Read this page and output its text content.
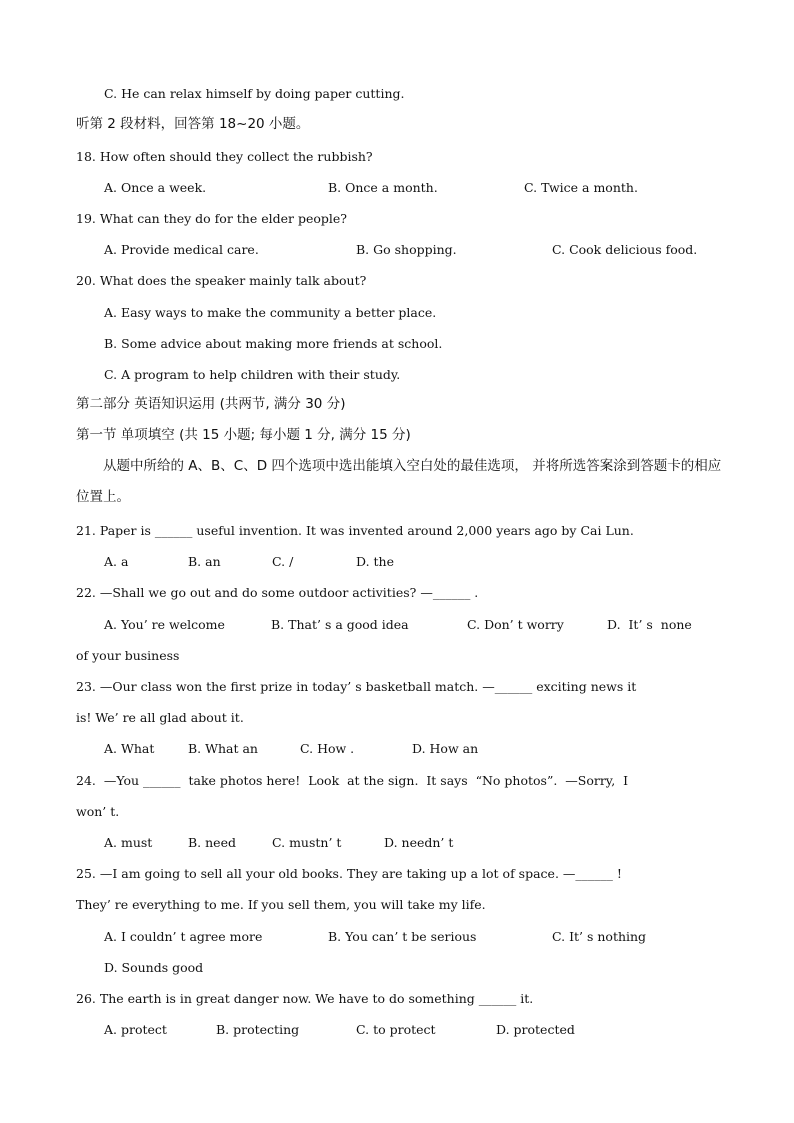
C. He can relax himself by doing paper cutting.
听第 2 段材料，回答第 18~20 小题。
18. How often should they collect the rubbish?
A. Once a week.	B. Once a month.	C. Twice a month.
19. What can they do for the elder people?
A. Provide medical care.	B. Go shopping.	C. Cook delicious food.
20. What does the speaker mainly talk about?
A. Easy ways to make the community a better place.
B. Some advice about making more friends at school.
C. A program to help children with their study.
第二部分 英语知识运用 (共两节, 满分 30 分)
第一节 单项填空 (共 15 小题; 每小题 1 分, 满分 15 分)
从题中所给的 A、B、C、D 四个选项中选出能填入空白处的最佳选项， 并将所选答案涂到答题卡的相应位置上。
21. Paper is ______ useful invention. It was invented around 2,000 years ago by Cai Lun.
A. a	B. an	C. /	D. the
22. —Shall we go out and do some outdoor activities? —______ .
A. You’ re welcome	B. That’ s a good idea	C. Don’ t worry	D.  It’ s  none
of your business
23. —Our class won the first prize in today’ s basketball match. —______ exciting news it
is! We’ re all glad about it.
A. What	B. What an	C. How .	D. How an
24.  —You ______  take photos here!  Look  at the sign.  It says  “No photos”.  —Sorry,  I
won’ t.
A. must	B. need	C. mustn’ t	D. needn’ t
25. —I am going to sell all your old books. They are taking up a lot of space. —______ !
They’ re everything to me. If you sell them, you will take my life.
A. I couldn’ t agree more	B. You can’ t be serious	C. It’ s nothing
D. Sounds good
26. The earth is in great danger now. We have to do something ______ it.
A. protect	B. protecting	C. to protect	D. protected
